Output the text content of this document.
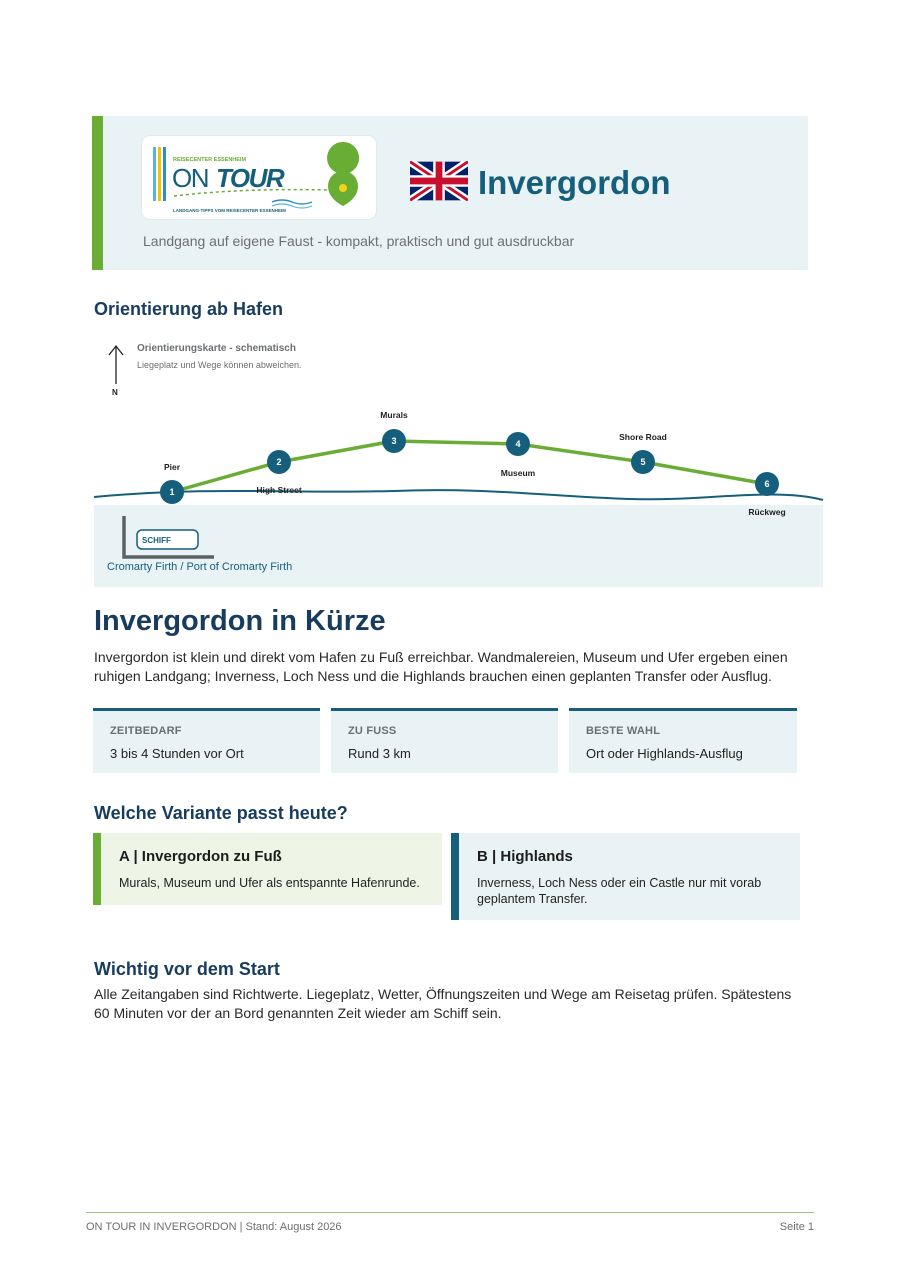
REISECENTER ESSENHEIM
ON TOUR
LANDGANG-TIPPS VOM REISECENTER ESSENHEIM
Invergordon
Landgang auf eigene Faust - kompakt, praktisch und gut ausdruckbar
Orientierung ab Hafen
N
Orientierungskarte - schematisch
Liegeplatz und Wege können abweichen.
SCHIFF
Cromarty Firth / Port of Cromarty Firth
1
Pier	2
High Street
3
Murals
4
Museum
5
Shore Road
6
Rückweg
Invergordon in Kürze

Invergordon ist klein und direkt vom Hafen zu Fuß erreichbar. Wandmalereien, Museum und Ufer ergeben einen ruhigen Landgang; Inverness, Loch Ness und die Highlands brauchen einen geplanten Transfer oder Ausflug.

ZEITBEDARF
3 bis 4 Stunden vor Ort
ZU FUSS
Rund 3 km
BESTE WAHL
Ort oder Highlands-Ausflug
Welche Variante passt heute?
A | Invergordon zu Fuß
Murals, Museum und Ufer als entspannte Hafenrunde.
B | Highlands
Inverness, Loch Ness oder ein Castle nur mit vorab geplantem Transfer.
Wichtig vor dem Start

Alle Zeitangaben sind Richtwerte. Liegeplatz, Wetter, Öffnungszeiten und Wege am Reisetag prüfen. Spätestens 60 Minuten vor der an Bord genannten Zeit wieder am Schiff sein.

ON TOUR IN INVERGORDON | Stand: August 2026	Seite 1
